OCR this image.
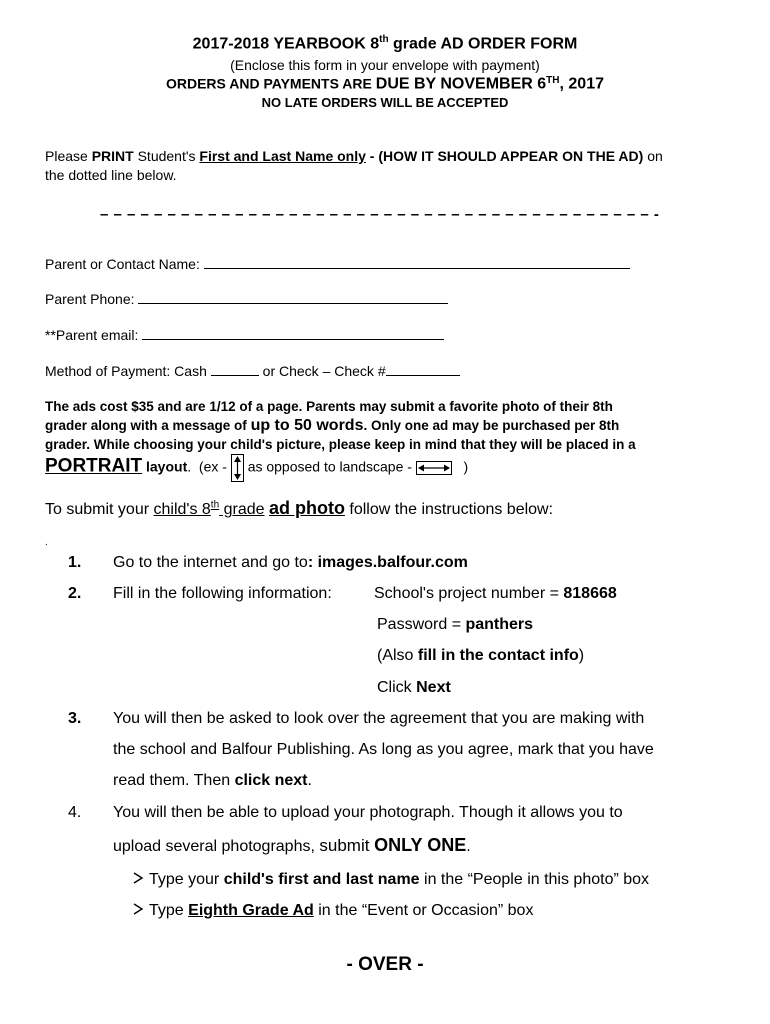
2017-2018 YEARBOOK 8th grade AD ORDER FORM
(Enclose this form in your envelope with payment)
ORDERS AND PAYMENTS ARE DUE BY NOVEMBER 6TH, 2017
NO LATE ORDERS WILL BE ACCEPTED
Please PRINT Student's First and Last Name only - (HOW IT SHOULD APPEAR ON THE AD) on
the dotted line below.
– – – – – – – – – – – – – – – – – – – – – – – – – – – – – – – – – – – – – – – – – -
Parent or Contact Name:
Parent Phone:
**Parent email:
Method of Payment: Cash	or Check – Check #
The ads cost $35 and are 1/12 of a page. Parents may submit a favorite photo of their 8th
grader along with a message of up to 50 words. Only one ad may be purchased per 8th
grader. While choosing your child's picture, please keep in mind that they will be placed in a
PORTRAIT layout. (ex - as opposed to landscape -	)
To submit your child's 8th grade ad photo follow the instructions below:
.
1. Go to the internet and go to: images.balfour.com
2. Fill in the following information:	School's project number = 818668
Password = panthers
(Also fill in the contact info)
Click Next
3. You will then be asked to look over the agreement that you are making with
the school and Balfour Publishing. As long as you agree, mark that you have
read them. Then click next.
4. You will then be able to upload your photograph. Though it allows you to
upload several photographs, submit ONLY ONE.
Type your child's first and last name in the “People in this photo” box
Type Eighth Grade Ad in the “Event or Occasion” box
- OVER -
